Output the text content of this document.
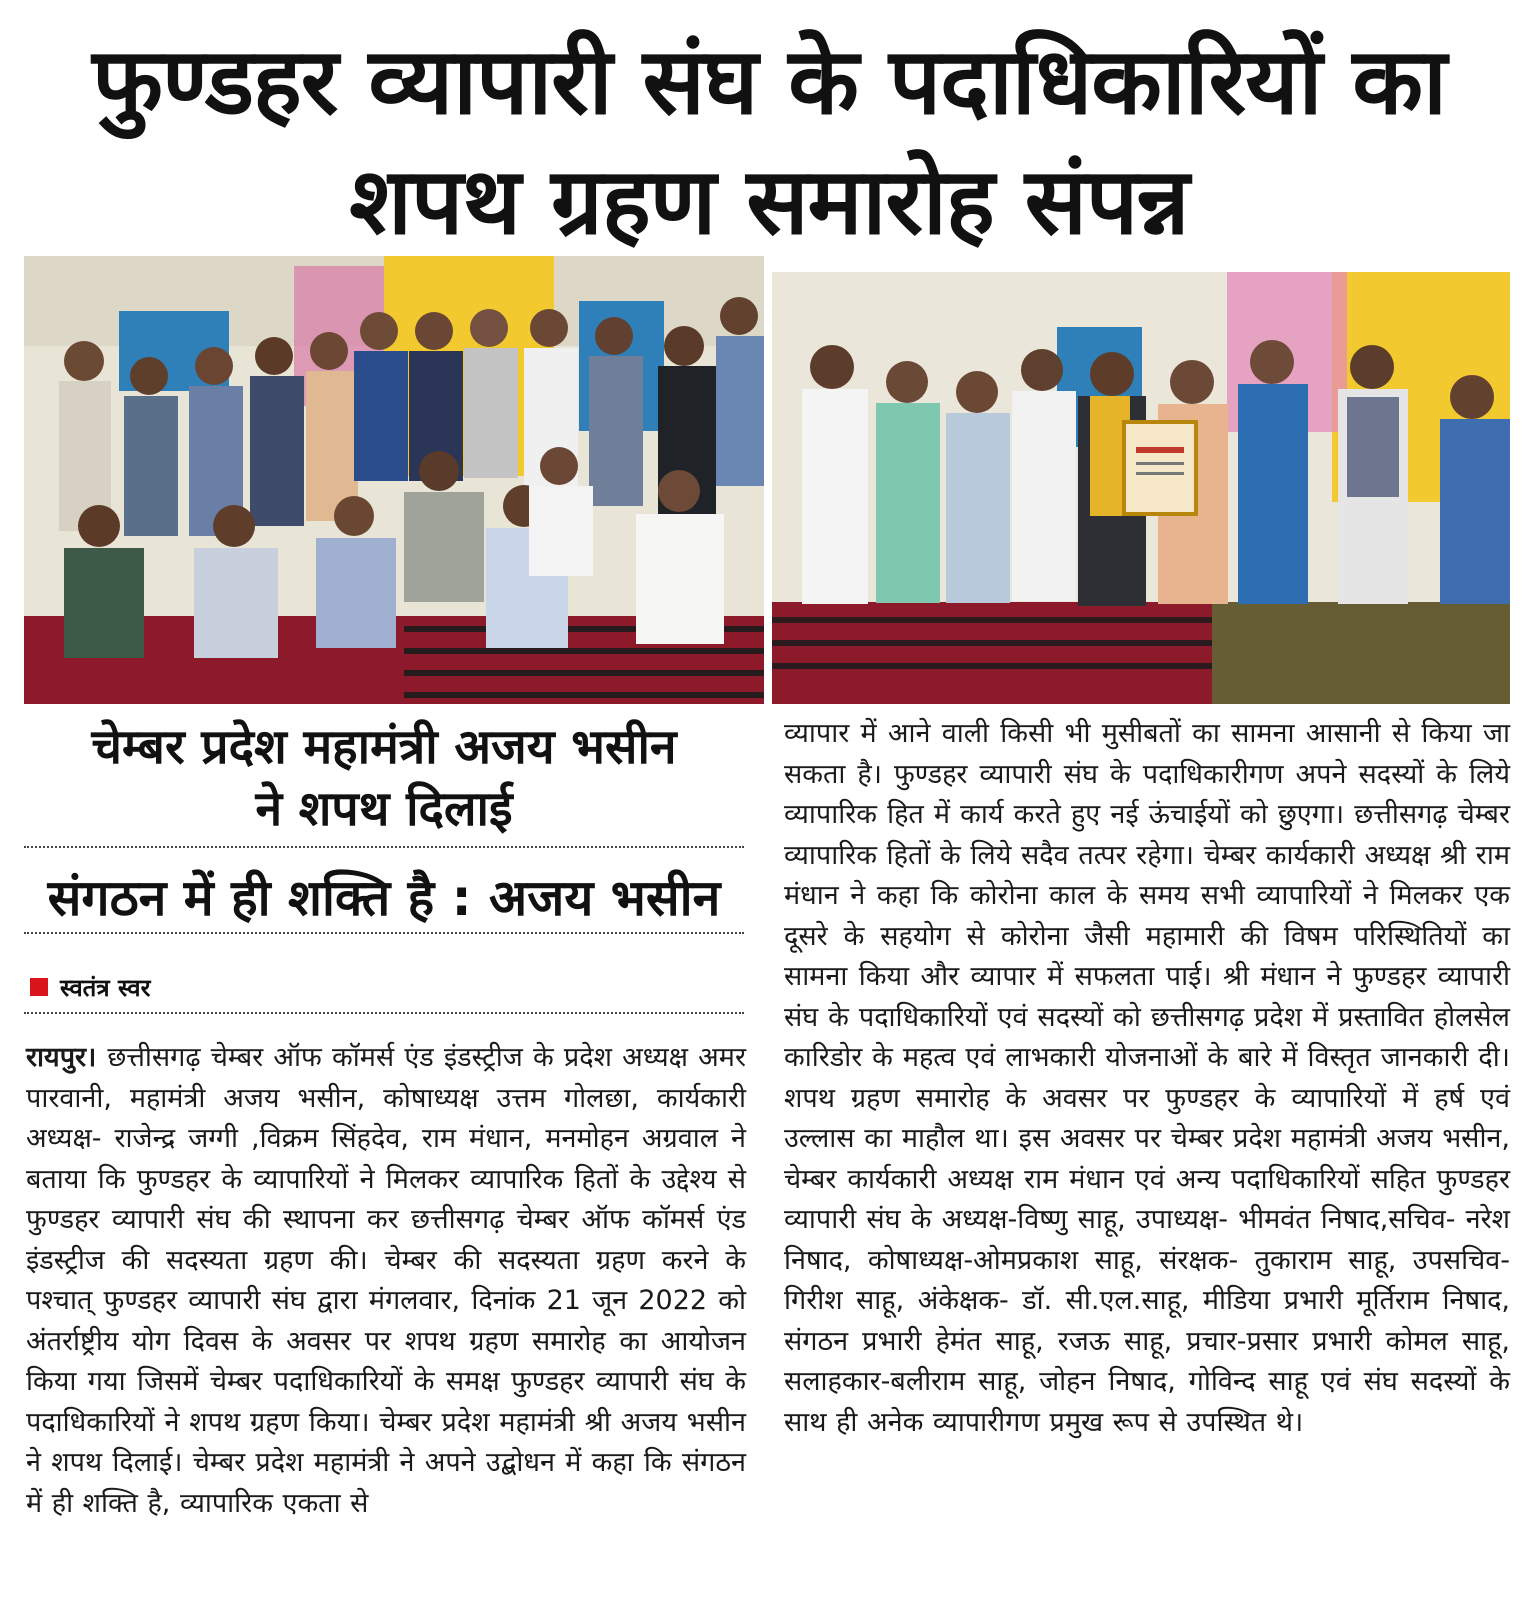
फुण्डहर व्यापारी संघ के पदाधिकारियों का
शपथ ग्रहण समारोह संपन्न
चेम्बर प्रदेश महामंत्री अजय भसीन
ने शपथ दिलाई
संगठन में ही शक्ति है : अजय भसीन
स्वतंत्र स्वर
रायपुर। छत्तीसगढ़ चेम्बर ऑफ कॉमर्स एंड इंडस्ट्रीज के प्रदेश अध्यक्ष अमर पारवानी, महामंत्री अजय भसीन, कोषाध्यक्ष उत्तम गोलछा, कार्यकारी अध्यक्ष- राजेन्द्र जग्गी ,विक्रम सिंहदेव, राम मंधान, मनमोहन अग्रवाल ने बताया कि फुण्डहर के व्यापारियों ने मिलकर व्यापारिक हितों के उद्देश्य से फुण्डहर व्यापारी संघ की स्थापना कर छत्तीसगढ़ चेम्बर ऑफ कॉमर्स एंड इंडस्ट्रीज की सदस्यता ग्रहण की। चेम्बर की सदस्यता ग्रहण करने के पश्चात् फुण्डहर व्यापारी संघ द्वारा मंगलवार, दिनांक 21 जून 2022 को अंतर्राष्ट्रीय योग दिवस के अवसर पर शपथ ग्रहण समारोह का आयोजन किया गया जिसमें चेम्बर पदाधिकारियों के समक्ष फुण्डहर व्यापारी संघ के पदाधिकारियों ने शपथ ग्रहण किया। चेम्बर प्रदेश महामंत्री श्री अजय भसीन ने शपथ दिलाई। चेम्बर प्रदेश महामंत्री ने अपने उद्बोधन में कहा कि संगठन में ही शक्ति है, व्यापारिक एकता से
व्यापार में आने वाली किसी भी मुसीबतों का सामना आसानी से किया जा सकता है। फुण्डहर व्यापारी संघ के पदाधिकारीगण अपने सदस्यों के लिये व्यापारिक हित में कार्य करते हुए नई ऊंचाईयों को छुएगा। छत्तीसगढ़ चेम्बर व्यापारिक हितों के लिये सदैव तत्पर रहेगा। चेम्बर कार्यकारी अध्यक्ष श्री राम मंधान ने कहा कि कोरोना काल के समय सभी व्यापारियों ने मिलकर एक दूसरे के सहयोग से कोरोना जैसी महामारी की विषम परिस्थितियों का सामना किया और व्यापार में सफलता पाई। श्री मंधान ने फुण्डहर व्यापारी संघ के पदाधिकारियों एवं सदस्यों को छत्तीसगढ़ प्रदेश में प्रस्तावित होलसेल कारिडोर के महत्व एवं लाभकारी योजनाओं के बारे में विस्तृत जानकारी दी। शपथ ग्रहण समारोह के अवसर पर फुण्डहर के व्यापारियों में हर्ष एवं उल्लास का माहौल था। इस अवसर पर चेम्बर प्रदेश महामंत्री अजय भसीन, चेम्बर कार्यकारी अध्यक्ष राम मंधान एवं अन्य पदाधिकारियों सहित फुण्डहर व्यापारी संघ के अध्यक्ष-विष्णु साहू, उपाध्यक्ष- भीमवंत निषाद,सचिव- नरेश निषाद, कोषाध्यक्ष-ओमप्रकाश साहू, संरक्षक- तुकाराम साहू, उपसचिव-गिरीश साहू, अंकेक्षक- डॉ. सी.एल.साहू, मीडिया प्रभारी मूर्तिराम निषाद, संगठन प्रभारी हेमंत साहू, रजऊ साहू, प्रचार-प्रसार प्रभारी कोमल साहू, सलाहकार-बलीराम साहू, जोहन निषाद, गोविन्द साहू एवं संघ सदस्यों के साथ ही अनेक व्यापारीगण प्रमुख रूप से उपस्थित थे।
